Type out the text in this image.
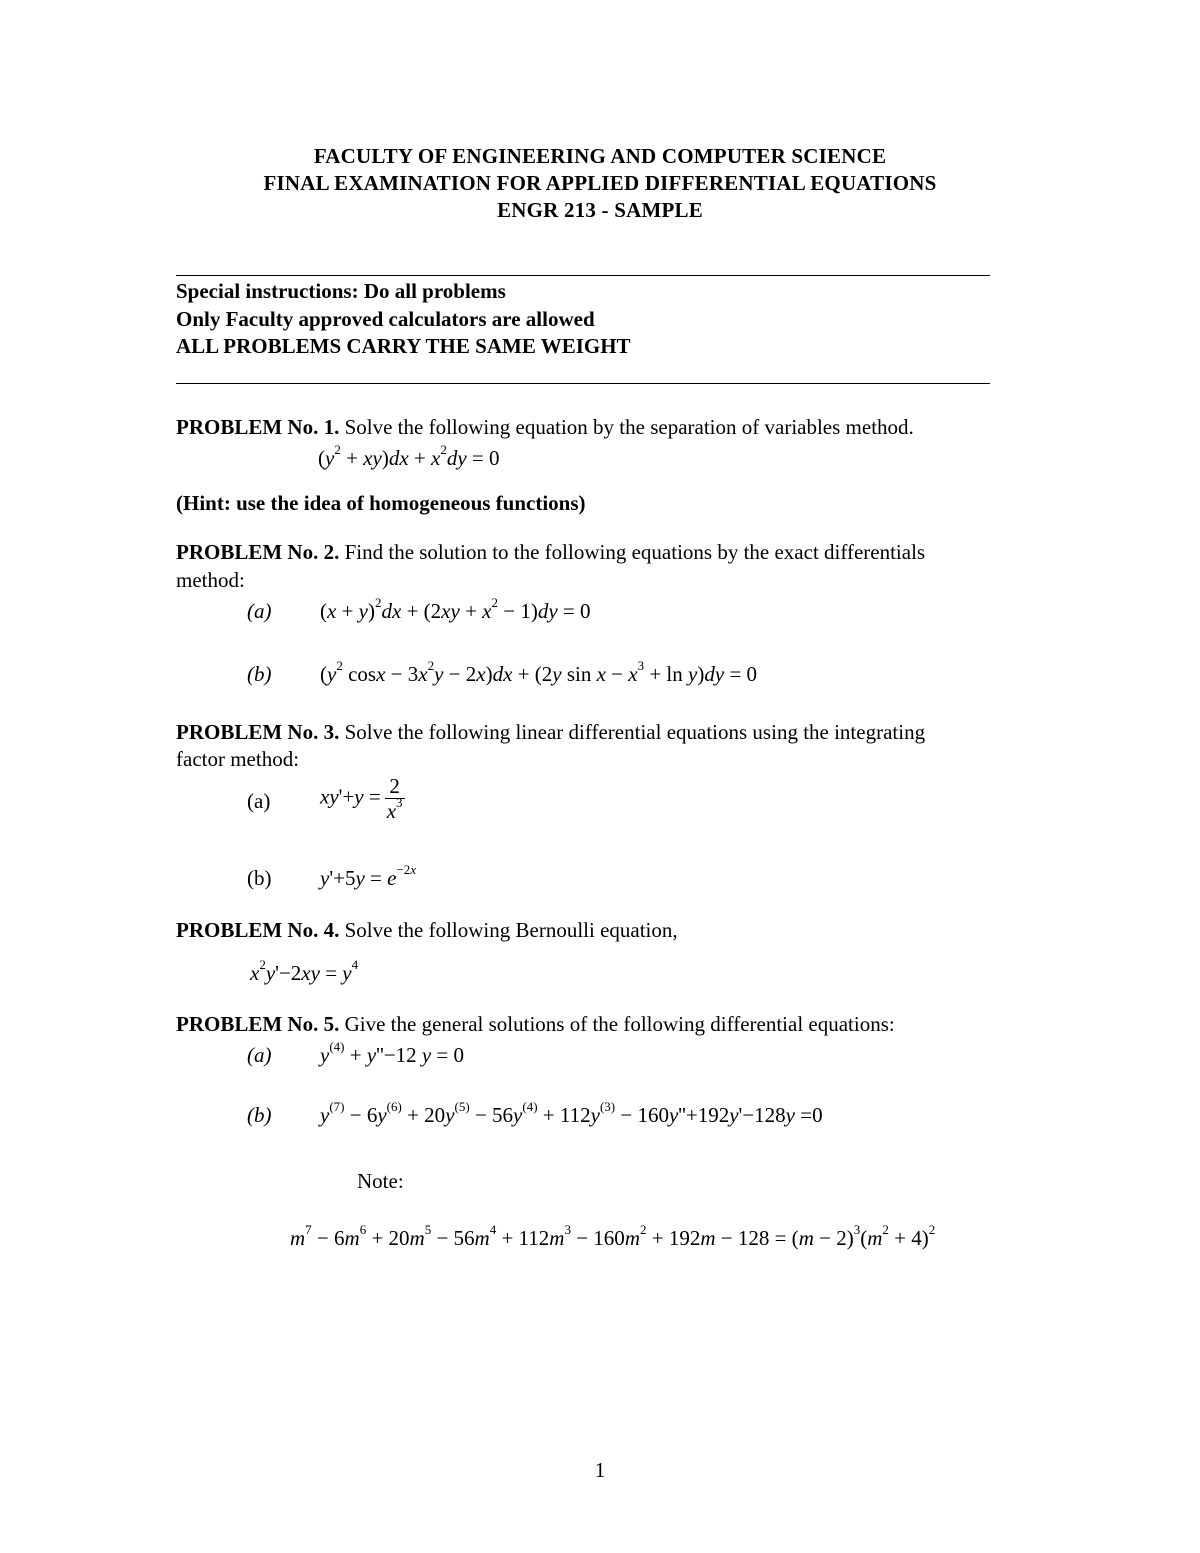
FACULTY OF ENGINEERING AND COMPUTER SCIENCE
FINAL EXAMINATION FOR APPLIED DIFFERENTIAL EQUATIONS
ENGR 213 - SAMPLE
Special instructions: Do all problems
Only Faculty approved calculators are allowed
ALL PROBLEMS CARRY THE SAME WEIGHT
PROBLEM No. 1. Solve the following equation by the separation of variables method.
$(y^2 + xy)dx + x^2dy = 0$
(Hint: use the idea of homogeneous functions)
PROBLEM No. 2. Find the solution to the following equations by the exact differentials
method:
(a) $(x + y)^2dx + (2xy + x^2 - 1)dy = 0$
(b) ($y^2$ $\cos x - 3x^2y - 2x)dx + (2y$ $\sin x - x^3 + \ln y)dy = 0$
PROBLEM No. 3. Solve the following linear differential equations using the integrating
factor method:
(a) $xy'+y = \frac{2}{x^3}$
(b) $y'+5y = e^{-2x}$
PROBLEM No. 4. Solve the following Bernoulli equation,
$x^2y'-2xy = y^4$
PROBLEM No. 5. Give the general solutions of the following differential equations:
(a) $y^{(4)} + y''-12$ y = 0
(b) $y^{(7)} - 6y^{(6)} + 20y^{(5)} - 56y^{(4)} + 112y^{(3)} - 160y''+192y'-128y =0$
Note:
$m^7 - 6m^6 + 20m^5 - 56m^4 + 112m^3 - 160m^2 + 192m - 128 = (m - 2)^3(m^2 + 4)^2$
1
